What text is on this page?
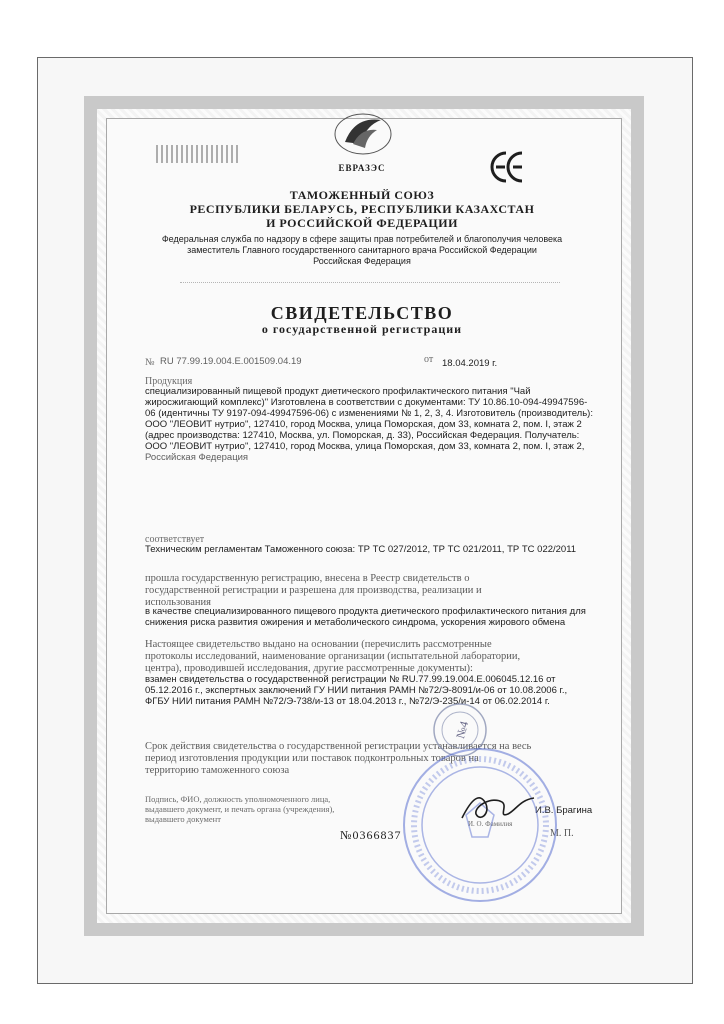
ЕВРАЗЭС
ТАМОЖЕННЫЙ СОЮЗ
РЕСПУБЛИКИ БЕЛАРУСЬ, РЕСПУБЛИКИ КАЗАХСТАН
И РОССИЙСКОЙ ФЕДЕРАЦИИ
Федеральная служба по надзору в сфере защиты прав потребителей и благополучия человека
заместитель Главного государственного санитарного врача Российской Федерации
Российская Федерация
СВИДЕТЕЛЬСТВО
о государственной регистрации
№ RU 77.99.19.004.Е.001509.04.19	от 18.04.2019 г.
Продукция
специализированный пищевой продукт диетического профилактического питания "Чай
жиросжигающий комплекс)" Изготовлена в соответствии с документами: ТУ 10.86.10-094-49947596-
06 (идентичны ТУ 9197-094-49947596-06) с изменениями № 1, 2, 3, 4. Изготовитель (производитель):
ООО "ЛЕОВИТ нутрио", 127410, город Москва, улица Поморская, дом 33, комната 2, пом. I, этаж 2
(адрес производства: 127410, Москва, ул. Поморская, д. 33), Российская Федерация. Получатель:
ООО "ЛЕОВИТ нутрио", 127410, город Москва, улица Поморская, дом 33, комната 2, пом. I, этаж 2,
Российская Федерация
соответствует
Техническим регламентам Таможенного союза: ТР ТС 027/2012, ТР ТС 021/2011, ТР ТС 022/2011
прошла государственную регистрацию, внесена в Реестр свидетельств о
государственной регистрации и разрешена для производства, реализации и
использования
в качестве специализированного пищевого продукта диетического профилактического питания для
снижения риска развития ожирения и метаболического синдрома, ускорения жирового обмена
Настоящее свидетельство выдано на основании (перечислить рассмотренные
протоколы исследований, наименование организации (испытательной лаборатории,
центра), проводившей исследования, другие рассмотренные документы):
взамен свидетельства о государственной регистрации № RU.77.99.19.004.Е.006045.12.16 от
05.12.2016 г., экспертных заключений ГУ НИИ питания РАМН №72/Э-8091/и-06 от 10.08.2006 г.,
ФГБУ НИИ питания РАМН №72/Э-738/и-13 от 18.04.2013 г., №72/Э-235/и-14 от 06.02.2014 г.
Срок действия свидетельства о государственной регистрации устанавливается на весь
период изготовления продукции или поставок подконтрольных товаров на
территорию таможенного союза
Подпись, ФИО, должность уполномоченного лица,
выдавшего документ, и печать органа (учреждения),
выдавшего документ
И.В. Брагина
И. О. Фамилия
№0366837	М. П.
№4
